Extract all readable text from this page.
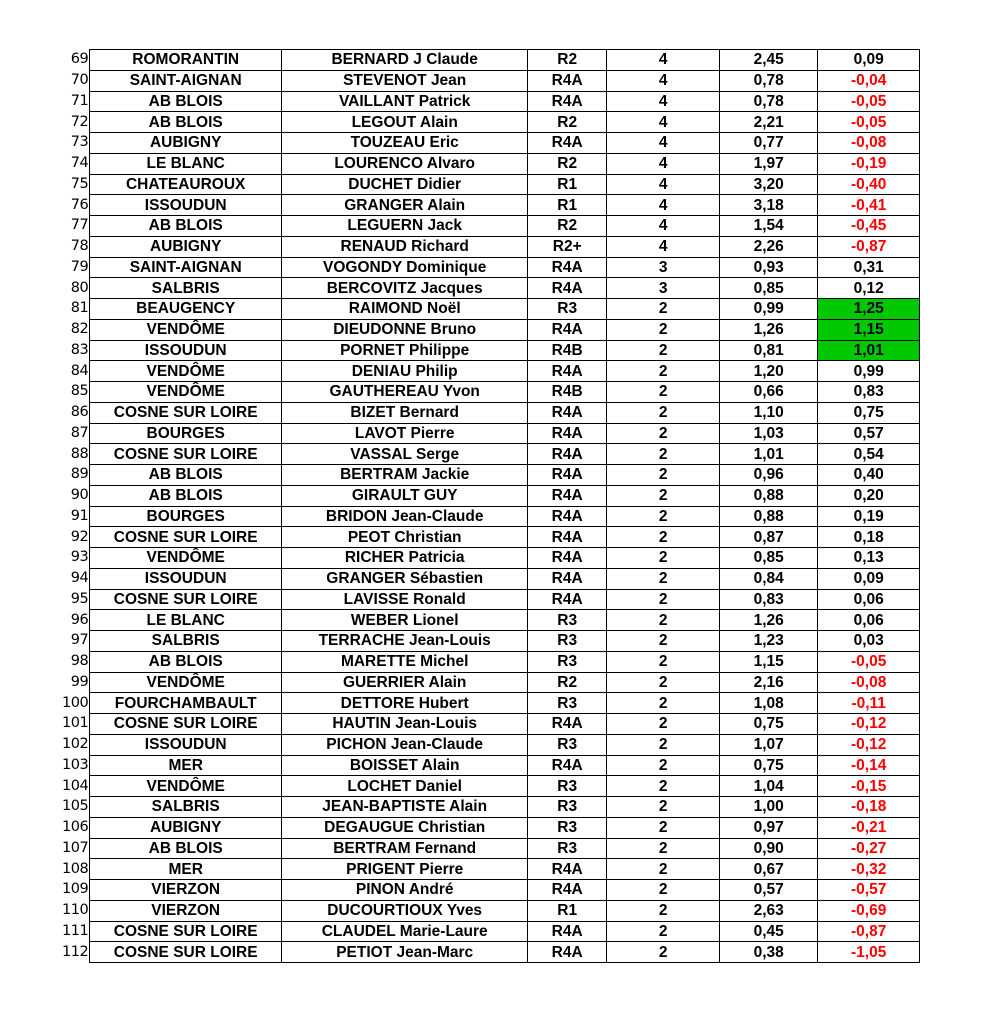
69	ROMORANTIN	BERNARD J Claude	R2	4	2,45	0,09
70	SAINT-AIGNAN	STEVENOT Jean	R4A	4	0,78	-0,04
71	AB BLOIS	VAILLANT Patrick	R4A	4	0,78	-0,05
72	AB BLOIS	LEGOUT Alain	R2	4	2,21	-0,05
73	AUBIGNY	TOUZEAU Eric	R4A	4	0,77	-0,08
74	LE BLANC	LOURENCO Alvaro	R2	4	1,97	-0,19
75	CHATEAUROUX	DUCHET Didier	R1	4	3,20	-0,40
76	ISSOUDUN	GRANGER Alain	R1	4	3,18	-0,41
77	AB BLOIS	LEGUERN Jack	R2	4	1,54	-0,45
78	AUBIGNY	RENAUD Richard	R2+	4	2,26	-0,87
79	SAINT-AIGNAN	VOGONDY Dominique	R4A	3	0,93	0,31
80	SALBRIS	BERCOVITZ Jacques	R4A	3	0,85	0,12
81	BEAUGENCY	RAIMOND Noël	R3	2	0,99	1,25
82	VENDÔME	DIEUDONNE Bruno	R4A	2	1,26	1,15
83	ISSOUDUN	PORNET Philippe	R4B	2	0,81	1,01
84	VENDÔME	DENIAU Philip	R4A	2	1,20	0,99
85	VENDÔME	GAUTHEREAU Yvon	R4B	2	0,66	0,83
86	COSNE SUR LOIRE	BIZET Bernard	R4A	2	1,10	0,75
87	BOURGES	LAVOT Pierre	R4A	2	1,03	0,57
88	COSNE SUR LOIRE	VASSAL Serge	R4A	2	1,01	0,54
89	AB BLOIS	BERTRAM Jackie	R4A	2	0,96	0,40
90	AB BLOIS	GIRAULT GUY	R4A	2	0,88	0,20
91	BOURGES	BRIDON Jean-Claude	R4A	2	0,88	0,19
92	COSNE SUR LOIRE	PEOT Christian	R4A	2	0,87	0,18
93	VENDÔME	RICHER Patricia	R4A	2	0,85	0,13
94	ISSOUDUN	GRANGER Sébastien	R4A	2	0,84	0,09
95	COSNE SUR LOIRE	LAVISSE Ronald	R4A	2	0,83	0,06
96	LE BLANC	WEBER Lionel	R3	2	1,26	0,06
97	SALBRIS	TERRACHE Jean-Louis	R3	2	1,23	0,03
98	AB BLOIS	MARETTE Michel	R3	2	1,15	-0,05
99	VENDÔME	GUERRIER Alain	R2	2	2,16	-0,08
100	FOURCHAMBAULT	DETTORE Hubert	R3	2	1,08	-0,11
101	COSNE SUR LOIRE	HAUTIN Jean-Louis	R4A	2	0,75	-0,12
102	ISSOUDUN	PICHON Jean-Claude	R3	2	1,07	-0,12
103	MER	BOISSET Alain	R4A	2	0,75	-0,14
104	VENDÔME	LOCHET Daniel	R3	2	1,04	-0,15
105	SALBRIS	JEAN-BAPTISTE Alain	R3	2	1,00	-0,18
106	AUBIGNY	DEGAUGUE Christian	R3	2	0,97	-0,21
107	AB BLOIS	BERTRAM Fernand	R3	2	0,90	-0,27
108	MER	PRIGENT Pierre	R4A	2	0,67	-0,32
109	VIERZON	PINON André	R4A	2	0,57	-0,57
110	VIERZON	DUCOURTIOUX Yves	R1	2	2,63	-0,69
111	COSNE SUR LOIRE	CLAUDEL Marie-Laure	R4A	2	0,45	-0,87
112	COSNE SUR LOIRE	PETIOT Jean-Marc	R4A	2	0,38	-1,05
